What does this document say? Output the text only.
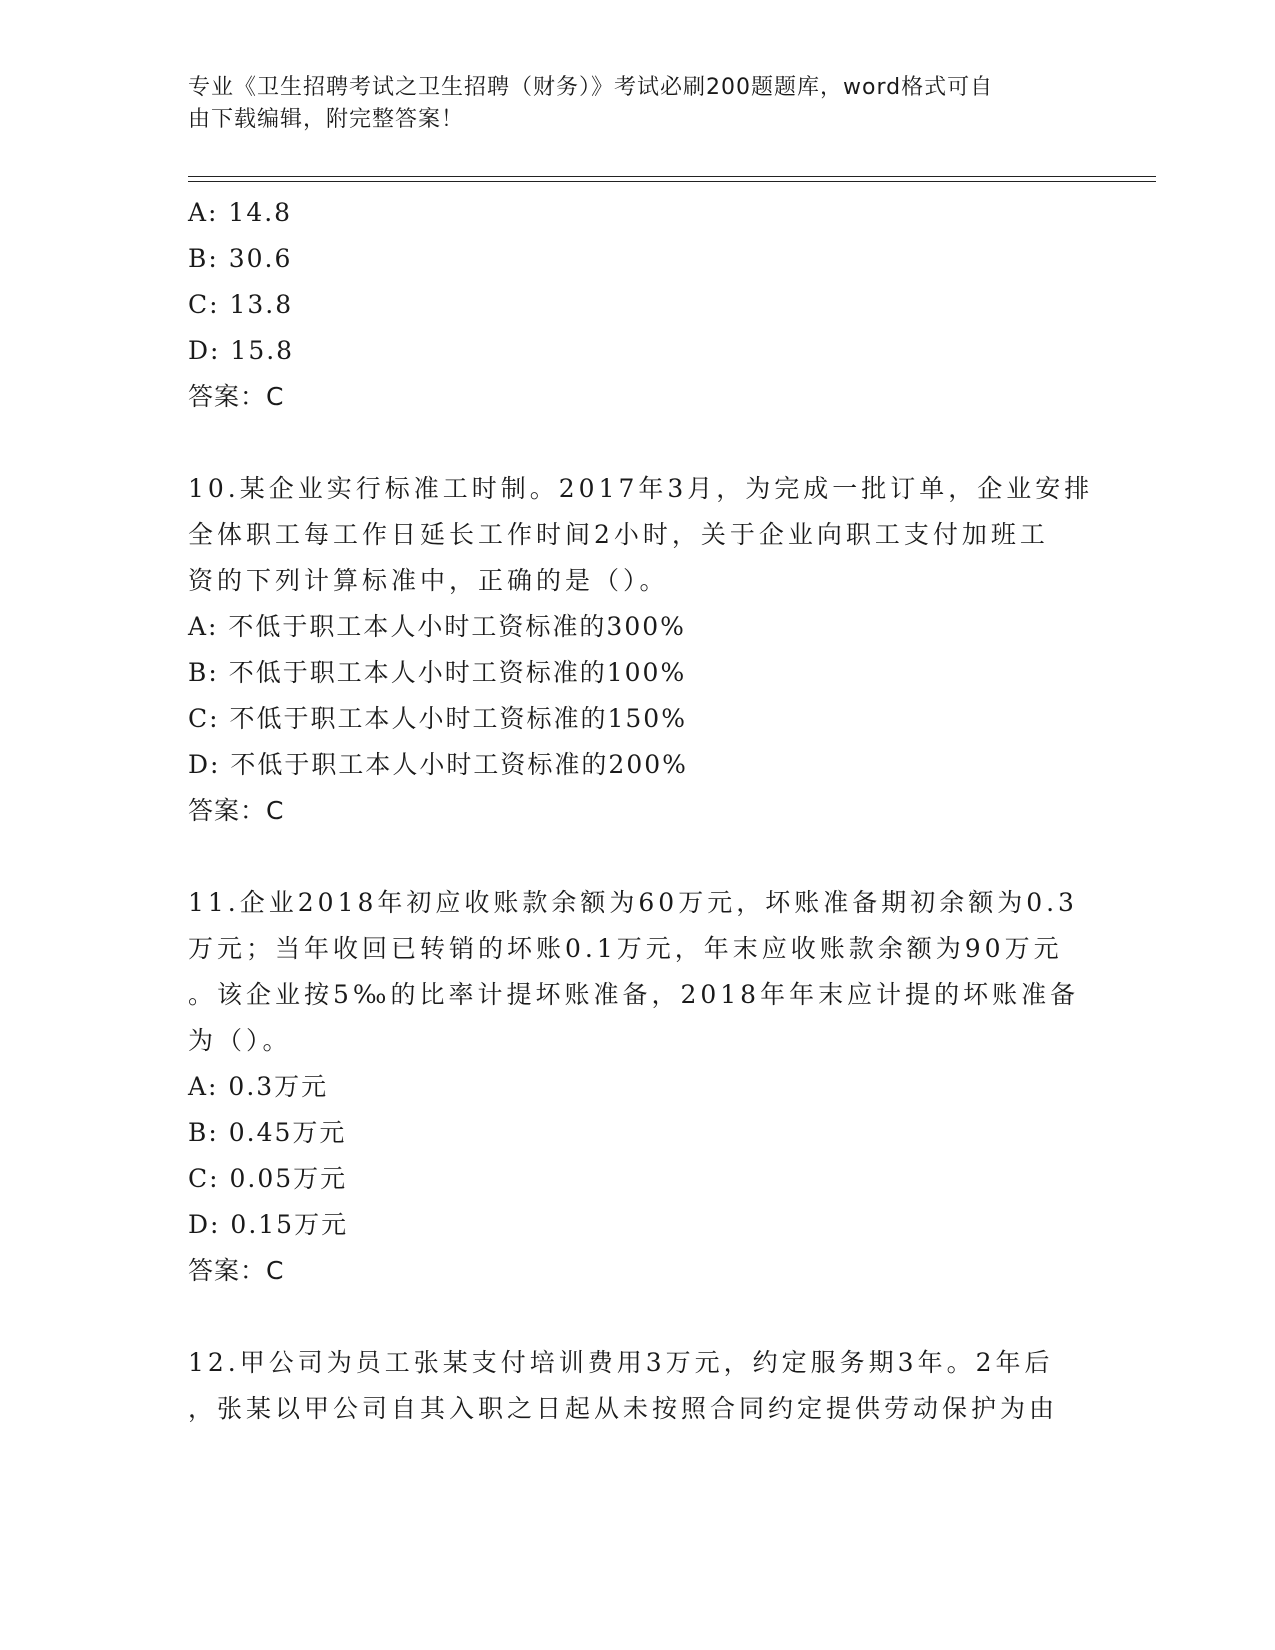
专业《卫生招聘考试之卫生招聘（财务）》考试必刷200题题库，word格式可自
由下载编辑，附完整答案！
A: 14.8
B: 30.6
C: 13.8
D: 15.8
答案：C
10.某企业实行标准工时制。2017年3月，为完成一批订单，企业安排
全体职工每工作日延长工作时间2小时，关于企业向职工支付加班工
资的下列计算标准中，正确的是（）。
A: 不低于职工本人小时工资标准的300%
B: 不低于职工本人小时工资标准的100%
C: 不低于职工本人小时工资标准的150%
D: 不低于职工本人小时工资标准的200%
答案：C
11.企业2018年初应收账款余额为60万元，坏账准备期初余额为0.3
万元；当年收回已转销的坏账0.1万元，年末应收账款余额为90万元
。该企业按5‰的比率计提坏账准备，2018年年末应计提的坏账准备
为（）。
A: 0.3万元
B: 0.45万元
C: 0.05万元
D: 0.15万元
答案：C
12.甲公司为员工张某支付培训费用3万元，约定服务期3年。2年后
，张某以甲公司自其入职之日起从未按照合同约定提供劳动保护为由
